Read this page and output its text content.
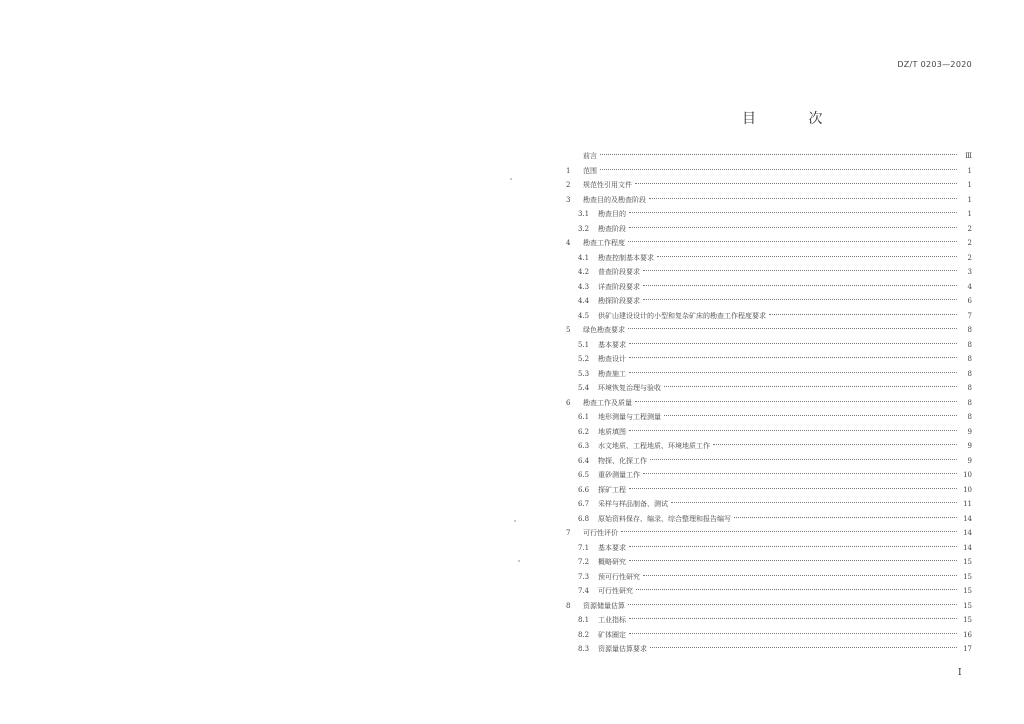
DZ/T 0203—2020
目 次
前言	Ⅲ
1	范围	1
2	规范性引用文件	1
3	勘查目的及勘查阶段	1
3.1	勘查目的	1
3.2	勘查阶段	2
4	勘查工作程度	2
4.1	勘查控制基本要求	2
4.2	普查阶段要求	3
4.3	详查阶段要求	4
4.4	勘探阶段要求	6
4.5	供矿山建设设计的小型和复杂矿床的勘查工作程度要求	7
5	绿色勘查要求	8
5.1	基本要求	8
5.2	勘查设计	8
5.3	勘查施工	8
5.4	环境恢复治理与验收	8
6	勘查工作及质量	8
6.1	地形测量与工程测量	8
6.2	地质填图	9
6.3	水文地质、工程地质、环境地质工作	9
6.4	物探、化探工作	9
6.5	重砂测量工作	10
6.6	探矿工程	10
6.7	采样与样品制备、测试	11
6.8	原始资料保存、编录、综合整理和报告编写	14
7	可行性评价	14
7.1	基本要求	14
7.2	概略研究	15
7.3	预可行性研究	15
7.4	可行性研究	15
8	资源储量估算	15
8.1	工业指标	15
8.2	矿体圈定	16
8.3	资源量估算要求	17
I
